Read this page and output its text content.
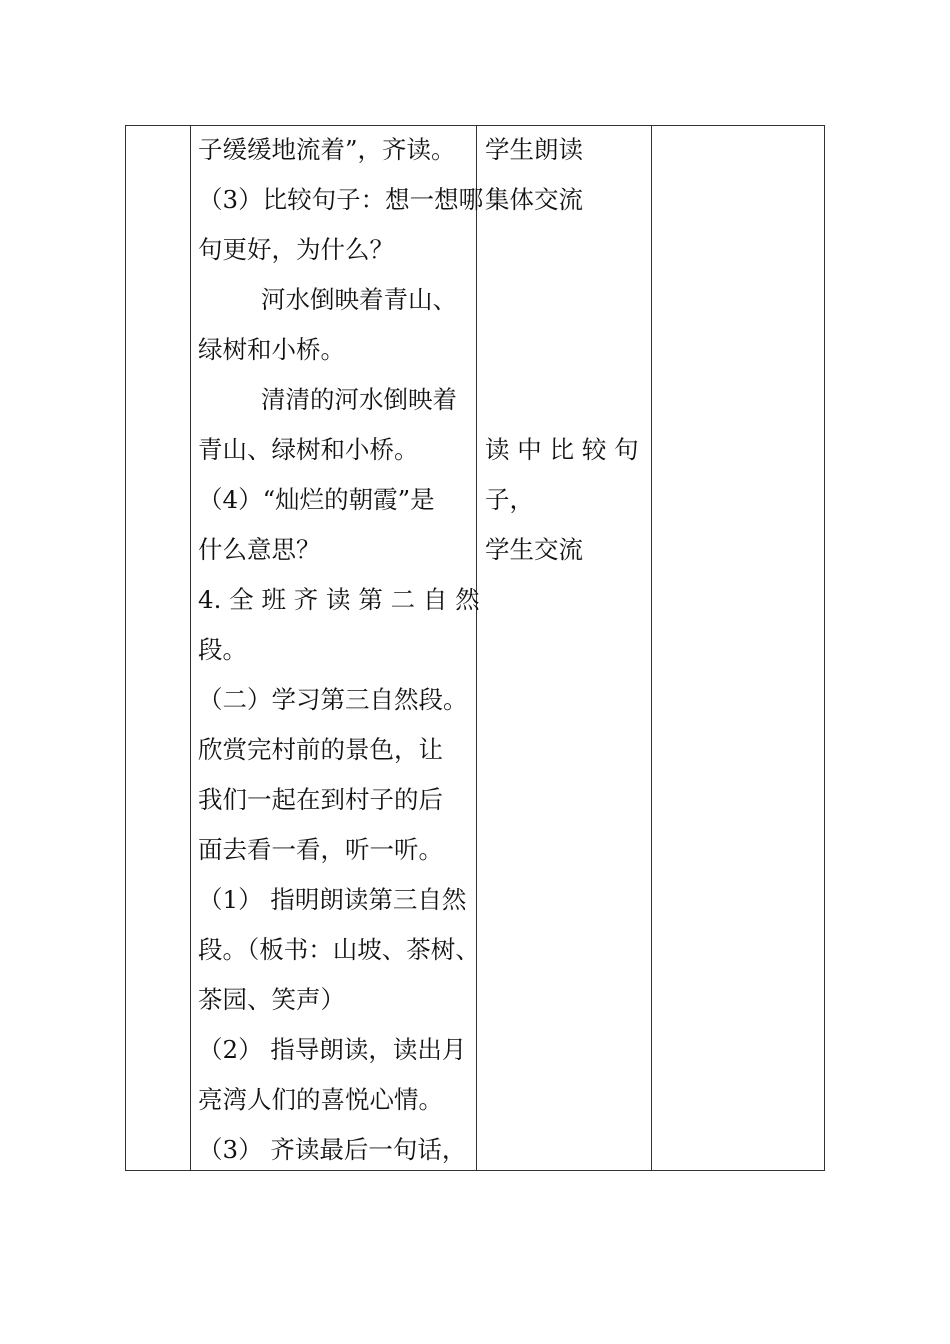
子缓缓地流着”，齐读。
（3）比较句子：想一想哪
句更好，为什么？
河水倒映着青山、
绿树和小桥。
清清的河水倒映着
青山、绿树和小桥。
（4）“灿烂的朝霞”是
什么意思？
4. 全 班 齐 读 第 二 自 然
段。
（二）学习第三自然段。
欣赏完村前的景色，让
我们一起在到村子的后
面去看一看，听一听。
（1） 指明朗读第三自然
段。（板书：山坡、茶树、
茶园、笑声）
（2） 指导朗读，读出月
亮湾人们的喜悦心情。
（3） 齐读最后一句话，
学生朗读
集体交流
读 中 比 较 句
子，
学生交流
